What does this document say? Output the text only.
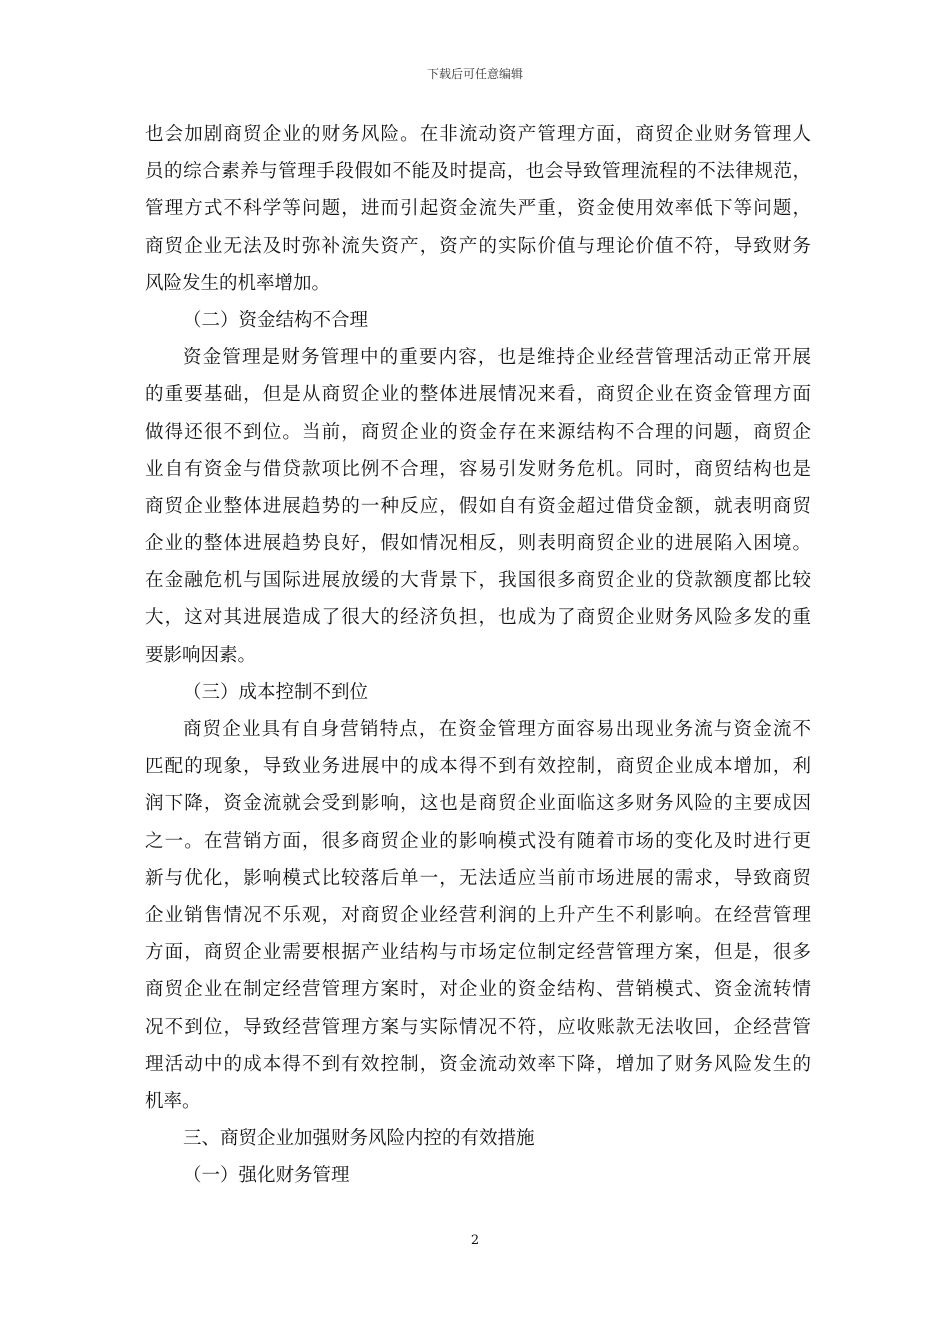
下载后可任意编辑
也会加剧商贸企业的财务风险。在非流动资产管理方面，商贸企业财务管理人
员的综合素养与管理手段假如不能及时提高，也会导致管理流程的不法律规范，
管理方式不科学等问题，进而引起资金流失严重，资金使用效率低下等问题，
商贸企业无法及时弥补流失资产，资产的实际价值与理论价值不符，导致财务
风险发生的机率增加。
（二）资金结构不合理
资金管理是财务管理中的重要内容，也是维持企业经营管理活动正常开展
的重要基础，但是从商贸企业的整体进展情况来看，商贸企业在资金管理方面
做得还很不到位。当前，商贸企业的资金存在来源结构不合理的问题，商贸企
业自有资金与借贷款项比例不合理，容易引发财务危机。同时，商贸结构也是
商贸企业整体进展趋势的一种反应，假如自有资金超过借贷金额，就表明商贸
企业的整体进展趋势良好，假如情况相反，则表明商贸企业的进展陷入困境。
在金融危机与国际进展放缓的大背景下，我国很多商贸企业的贷款额度都比较
大，这对其进展造成了很大的经济负担，也成为了商贸企业财务风险多发的重
要影响因素。
（三）成本控制不到位
商贸企业具有自身营销特点，在资金管理方面容易出现业务流与资金流不
匹配的现象，导致业务进展中的成本得不到有效控制，商贸企业成本增加，利
润下降，资金流就会受到影响，这也是商贸企业面临这多财务风险的主要成因
之一。在营销方面，很多商贸企业的影响模式没有随着市场的变化及时进行更
新与优化，影响模式比较落后单一，无法适应当前市场进展的需求，导致商贸
企业销售情况不乐观，对商贸企业经营利润的上升产生不利影响。在经营管理
方面，商贸企业需要根据产业结构与市场定位制定经营管理方案，但是，很多
商贸企业在制定经营管理方案时，对企业的资金结构、营销模式、资金流转情
况不到位，导致经营管理方案与实际情况不符，应收账款无法收回，企经营管
理活动中的成本得不到有效控制，资金流动效率下降，增加了财务风险发生的
机率。
三、商贸企业加强财务风险内控的有效措施
（一）强化财务管理
2
